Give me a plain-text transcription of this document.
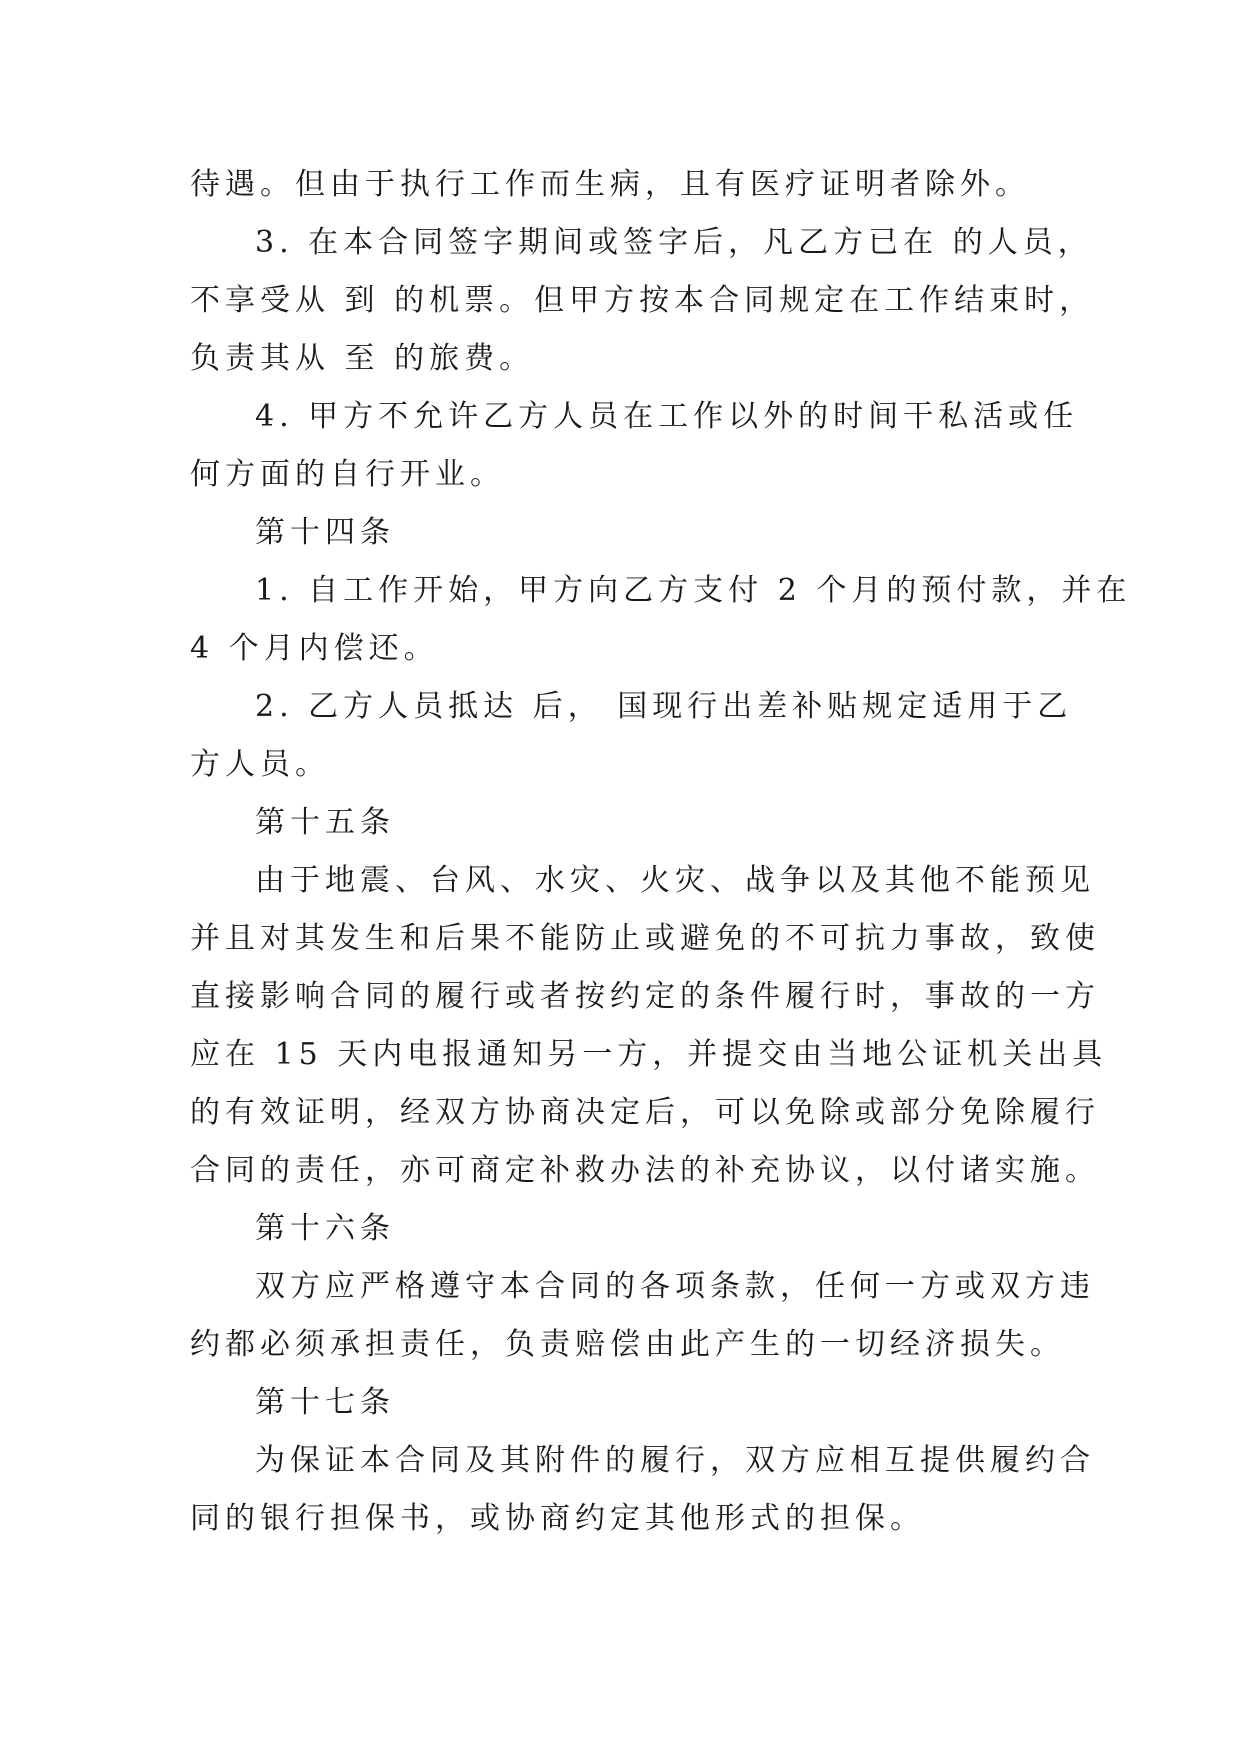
待遇。但由于执行工作而生病，且有医疗证明者除外。
3. 在本合同签字期间或签字后，凡乙方已在 的人员，
不享受从 到 的机票。但甲方按本合同规定在工作结束时，
负责其从 至 的旅费。
4. 甲方不允许乙方人员在工作以外的时间干私活或任
何方面的自行开业。
第十四条
1. 自工作开始，甲方向乙方支付 2 个月的预付款，并在
4 个月内偿还。
2. 乙方人员抵达 后， 国现行出差补贴规定适用于乙
方人员。
第十五条
由于地震、台风、水灾、火灾、战争以及其他不能预见
并且对其发生和后果不能防止或避免的不可抗力事故，致使
直接影响合同的履行或者按约定的条件履行时，事故的一方
应在 15 天内电报通知另一方，并提交由当地公证机关出具
的有效证明，经双方协商决定后，可以免除或部分免除履行
合同的责任，亦可商定补救办法的补充协议，以付诸实施。
第十六条
双方应严格遵守本合同的各项条款，任何一方或双方违
约都必须承担责任，负责赔偿由此产生的一切经济损失。
第十七条
为保证本合同及其附件的履行，双方应相互提供履约合
同的银行担保书，或协商约定其他形式的担保。
